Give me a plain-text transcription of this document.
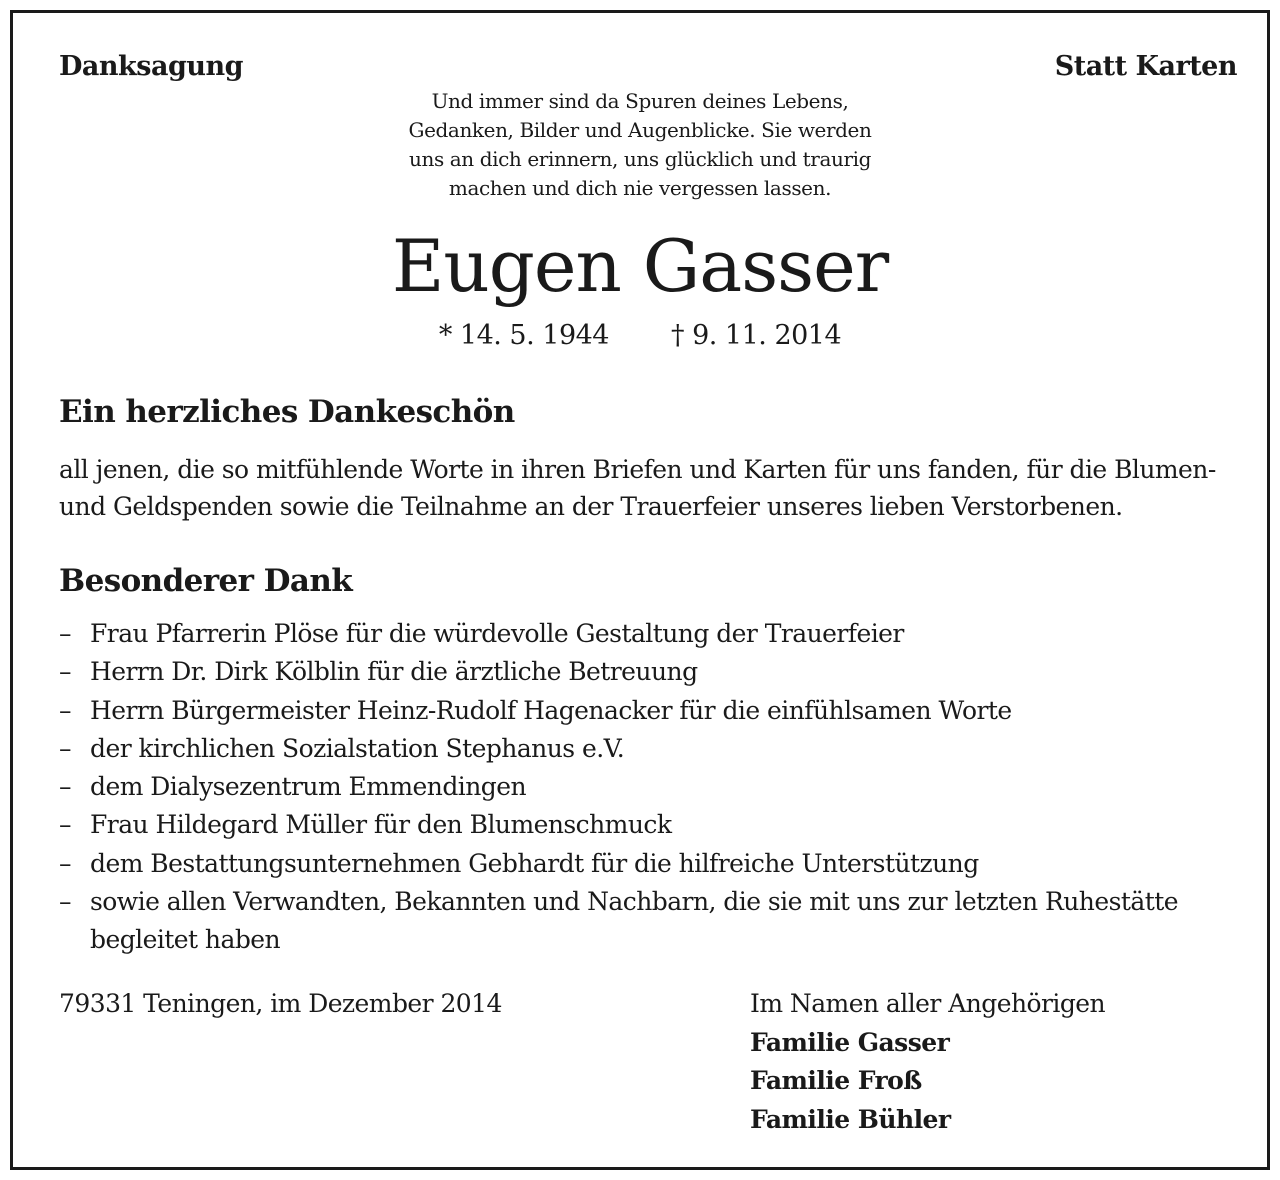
Danksagung	Statt Karten
Und immer sind da Spuren deines Lebens,
Gedanken, Bilder und Augenblicke. Sie werden
uns an dich erinnern, uns glücklich und traurig
machen und dich nie vergessen lassen.
Eugen Gasser
* 14. 5. 1944 † 9. 11. 2014
Ein herzliches Dankeschön
all jenen, die so mitfühlende Worte in ihren Briefen und Karten für uns fanden, für die Blumen-
und Geldspenden sowie die Teilnahme an der Trauerfeier unseres lieben Verstorbenen.
Besonderer Dank
– Frau Pfarrerin Plöse für die würdevolle Gestaltung der Trauerfeier
– Herrn Dr. Dirk Kölblin für die ärztliche Betreuung
– Herrn Bürgermeister Heinz-Rudolf Hagenacker für die einfühlsamen Worte
– der kirchlichen Sozialstation Stephanus e.V.
– dem Dialysezentrum Emmendingen
– Frau Hildegard Müller für den Blumenschmuck
– dem Bestattungsunternehmen Gebhardt für die hilfreiche Unterstützung
– sowie allen Verwandten, Bekannten und Nachbarn, die sie mit uns zur letzten Ruhestätte begleitet haben
79331 Teningen, im Dezember 2014	Im Namen aller Angehörigen
Familie Gasser
Familie Froß
Familie Bühler
